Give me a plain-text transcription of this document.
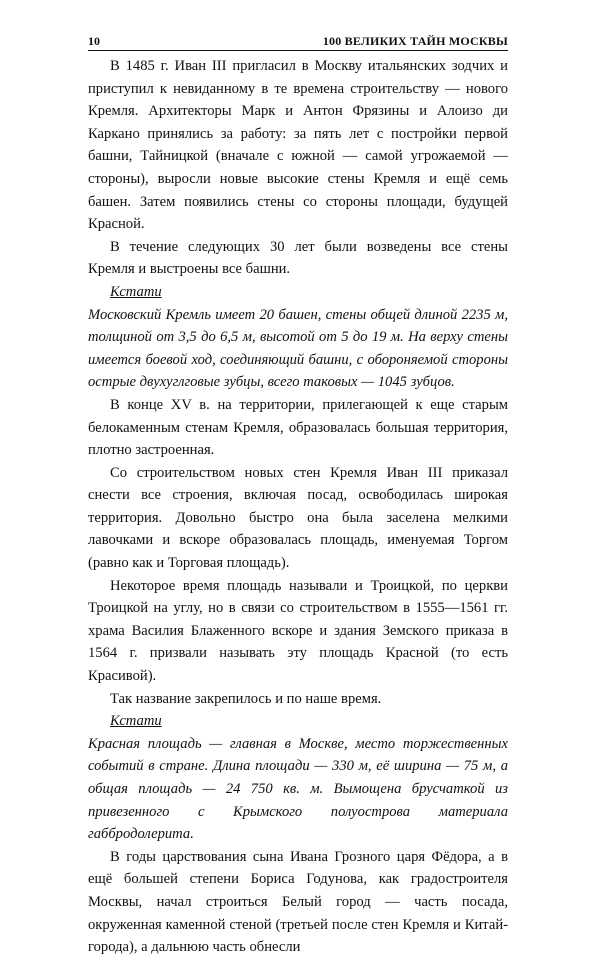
10	100 ВЕЛИКИХ ТАЙН МОСКВЫ

В 1485 г. Иван III пригласил в Москву итальянских зодчих и приступил к невиданному в те времена строительству — нового Кремля. Архитекторы Марк и Антон Фрязины и Алоизо ди Каркано принялись за работу: за пять лет с постройки первой башни, Тайницкой (вначале с южной — самой угрожаемой — стороны), выросли новые высокие стены Кремля и ещё семь башен. Затем появились стены со стороны площади, будущей Красной.

В течение следующих 30 лет были возведены все стены Кремля и выстроены все башни.

Кстати

Московский Кремль имеет 20 башен, стены общей длиной 2235 м, толщиной от 3,5 до 6,5 м, высотой от 5 до 19 м. На верху стены имеется боевой ход, соединяющий башни, с обороняемой стороны острые двухуглговые зубцы, всего таковых — 1045 зубцов.

В конце XV в. на территории, прилегающей к еще старым белокаменным стенам Кремля, образовалась большая территория, плотно застроенная.

Со строительством новых стен Кремля Иван III приказал снести все строения, включая посад, освободилась широкая территория. Довольно быстро она была заселена мелкими лавочками и вскоре образовалась площадь, именуемая Торгом (равно как и Торговая площадь).

Некоторое время площадь называли и Троицкой, по церкви Троицкой на углу, но в связи со строительством в 1555—1561 гг. храма Василия Блаженного вскоре и здания Земского приказа в 1564 г. призвали называть эту площадь Красной (то есть Красивой).

Так название закрепилось и по наше время.

Кстати

Красная площадь — главная в Москве, место торжественных событий в стране. Длина площади — 330 м, её ширина — 75 м, а общая площадь — 24 750 кв. м. Вымощена брусчаткой из привезенного с Крымского полуострова материала габбродолерита.

В годы царствования сына Ивана Грозного царя Фёдора, а в ещё большей степени Бориса Годунова, как градостроителя Москвы, начал строиться Белый город — часть посада, окруженная каменной стеной (третьей после стен Кремля и Китай-города), а дальнюю часть обнесли
